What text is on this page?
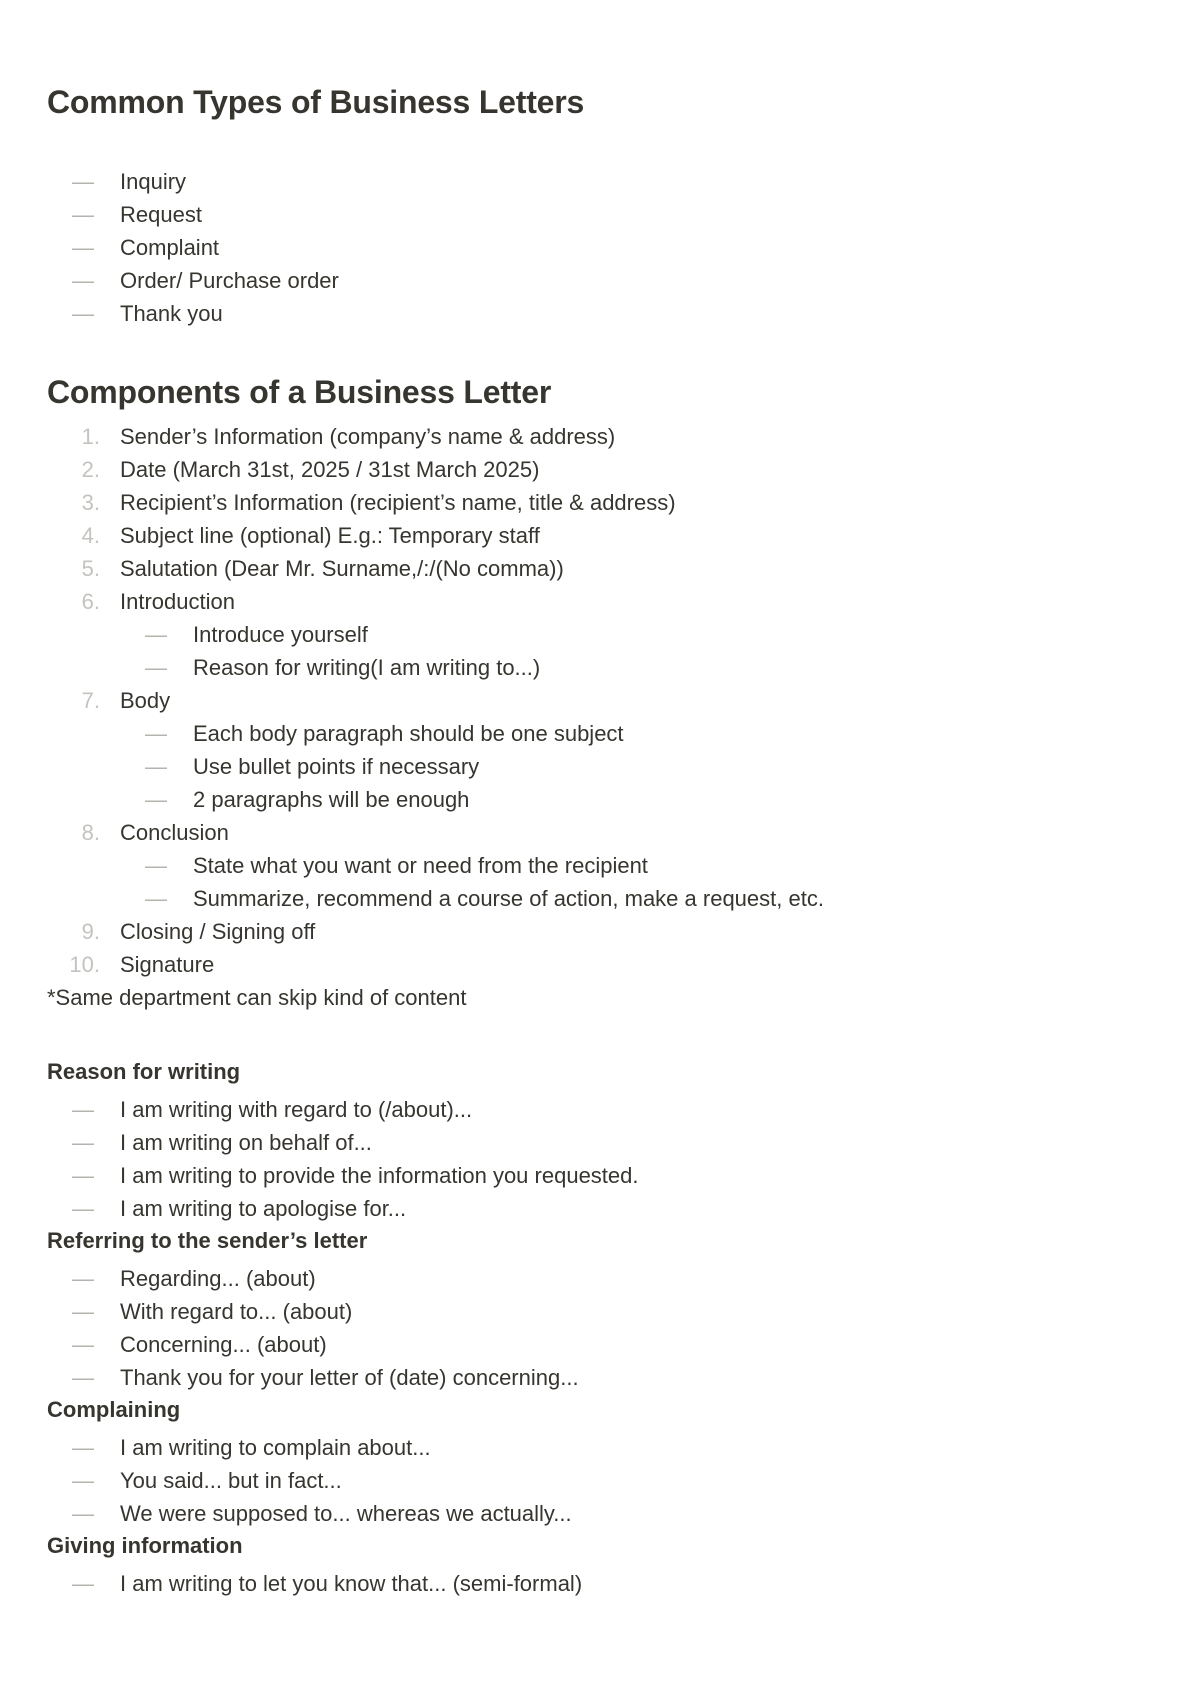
Common Types of Business Letters
— Inquiry
— Request
— Complaint
— Order/ Purchase order
— Thank you
Components of a Business Letter
1. Sender’s Information (company’s name & address)
2. Date (March 31st, 2025 / 31st March 2025)
3. Recipient’s Information (recipient’s name, title & address)
4. Subject line (optional) E.g.: Temporary staff
5. Salutation (Dear Mr. Surname,/:/(No comma))
6. Introduction
— Introduce yourself
— Reason for writing(I am writing to...)
7. Body
— Each body paragraph should be one subject
— Use bullet points if necessary
— 2 paragraphs will be enough
8. Conclusion
— State what you want or need from the recipient
— Summarize, recommend a course of action, make a request, etc.
9. Closing / Signing off
10. Signature
*Same department can skip kind of content
Reason for writing
— I am writing with regard to (/about)...
— I am writing on behalf of...
— I am writing to provide the information you requested.
— I am writing to apologise for...
Referring to the sender’s letter
— Regarding... (about)
— With regard to... (about)
— Concerning... (about)
— Thank you for your letter of (date) concerning...
Complaining
— I am writing to complain about...
— You said... but in fact...
— We were supposed to... whereas we actually...
Giving information
— I am writing to let you know that... (semi-formal)
